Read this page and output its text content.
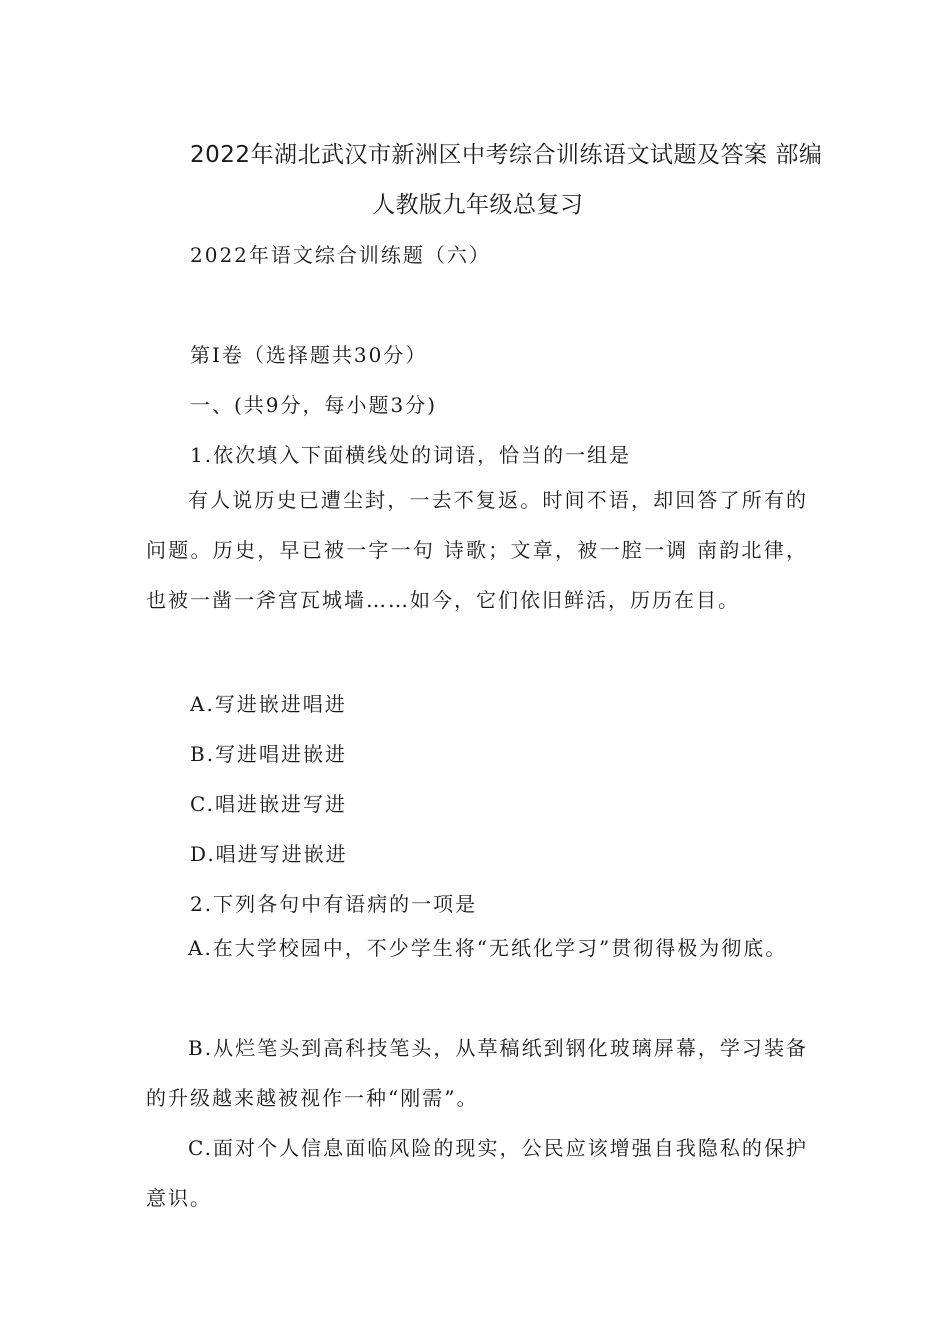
2022年湖北武汉市新洲区中考综合训练语文试题及答案 部编
人教版九年级总复习

2022年语文综合训练题（六）

第Ⅰ卷（选择题共30分）

一、(共9分，每小题3分)

1.依次填入下面横线处的词语，恰当的一组是

有人说历史已遭尘封，一去不复返。时间不语，却回答了所有的问题。历史，早已被一字一句 诗歌；文章，被一腔一调 南韵北律，也被一凿一斧宫瓦城墙……如今，它们依旧鲜活，历历在目。

A.写进嵌进唱进

B.写进唱进嵌进

C.唱进嵌进写进

D.唱进写进嵌进

2.下列各句中有语病的一项是

A.在大学校园中，不少学生将“无纸化学习”贯彻得极为彻底。

B.从烂笔头到高科技笔头，从草稿纸到钢化玻璃屏幕，学习装备的升级越来越被视作一种“刚需”。

C.面对个人信息面临风险的现实，公民应该增强自我隐私的保护意识。
